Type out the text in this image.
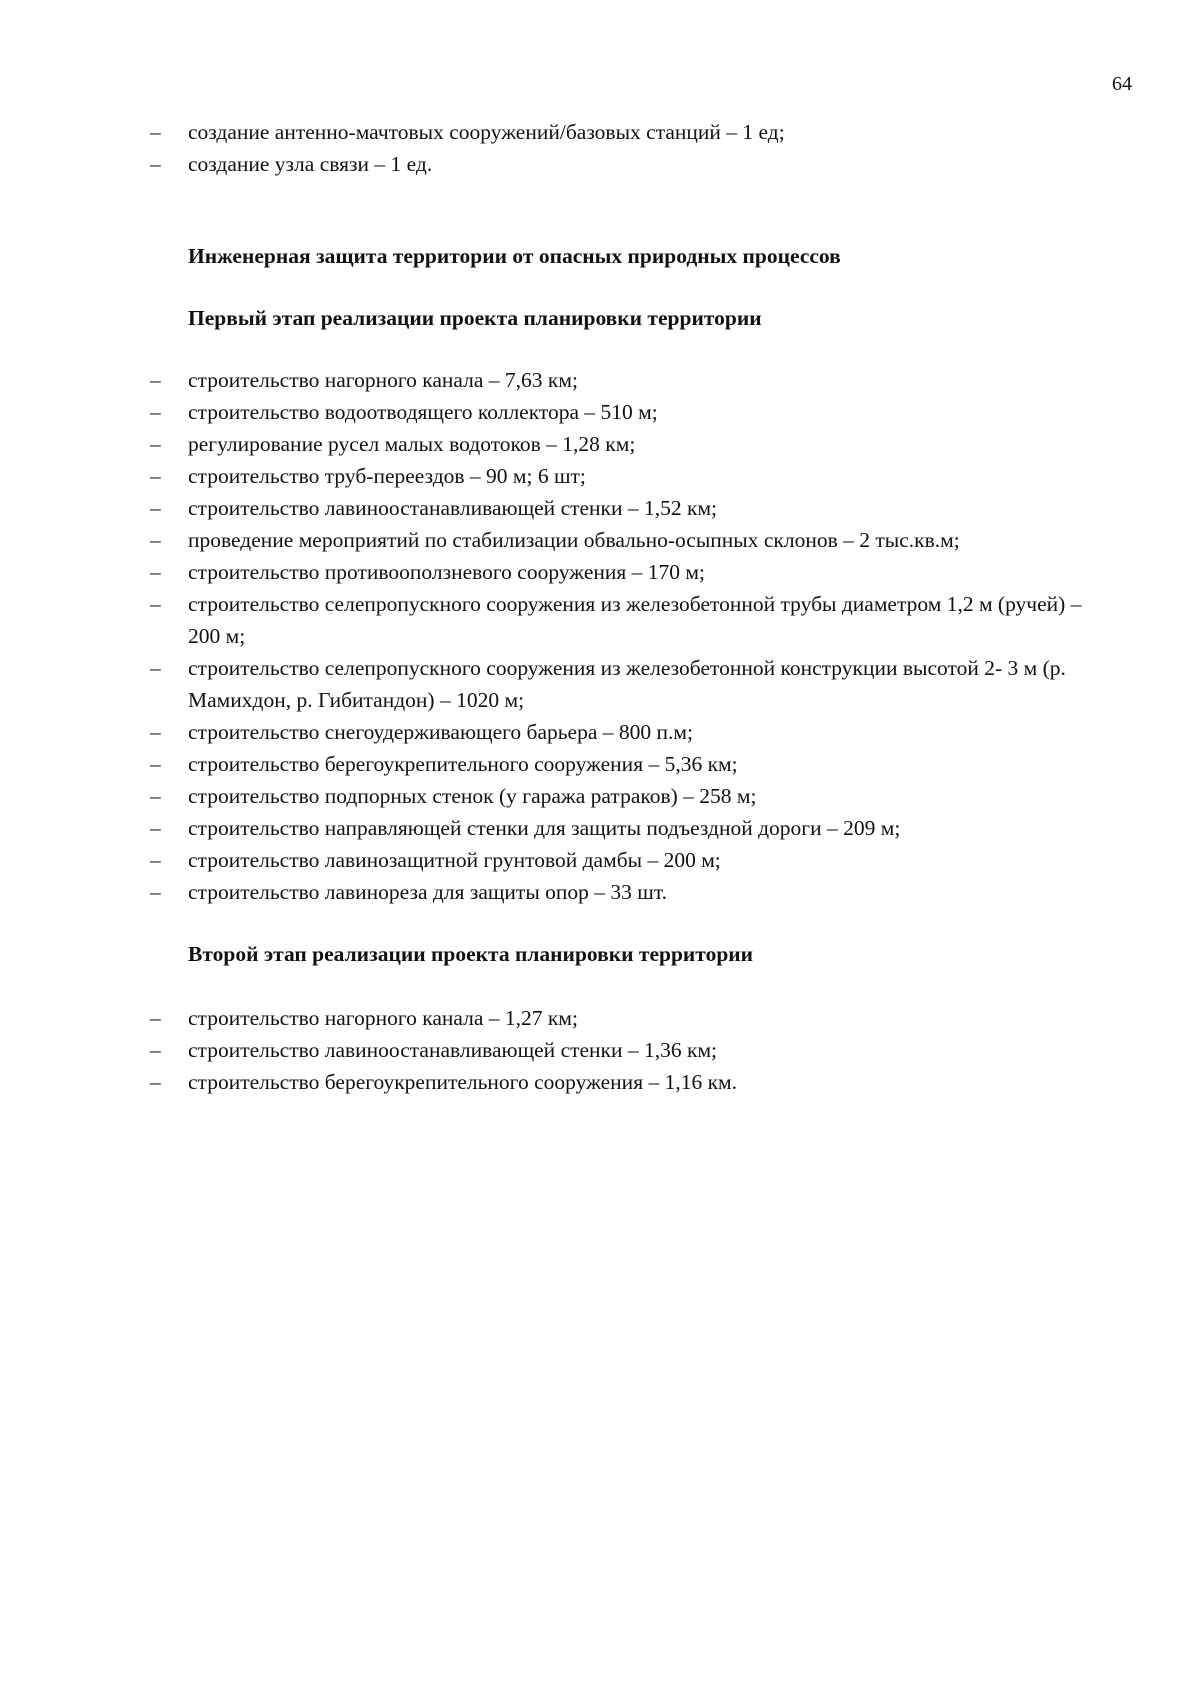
64
– создание антенно-мачтовых сооружений/базовых станций – 1 ед;
– создание узла связи – 1 ед.
Инженерная защита территории от опасных природных процессов
Первый этап реализации проекта планировки территории
– строительство нагорного канала – 7,63 км;
– строительство водоотводящего коллектора – 510 м;
– регулирование русел малых водотоков – 1,28 км;
– строительство труб-переездов – 90 м; 6 шт;
– строительство лавиноостанавливающей стенки – 1,52 км;
– проведение мероприятий по стабилизации обвально-осыпных склонов – 2 тыс.кв.м;
– строительство противооползневого сооружения – 170 м;
– строительство селепропускного сооружения из железобетонной трубы диаметром 1,2 м (ручей) – 200 м;
– строительство селепропускного сооружения из железобетонной конструкции высотой 2- 3 м (р. Мамихдон, р. Гибитандон) – 1020 м;
– строительство снегоудерживающего барьера – 800 п.м;
– строительство берегоукрепительного сооружения – 5,36 км;
– строительство подпорных стенок (у гаража ратраков) – 258 м;
– строительство направляющей стенки для защиты подъездной дороги – 209 м;
– строительство лавинозащитной грунтовой дамбы – 200 м;
– строительство лавинореза для защиты опор – 33 шт.
Второй этап реализации проекта планировки территории
– строительство нагорного канала – 1,27 км;
– строительство лавиноостанавливающей стенки – 1,36 км;
– строительство берегоукрепительного сооружения – 1,16 км.
